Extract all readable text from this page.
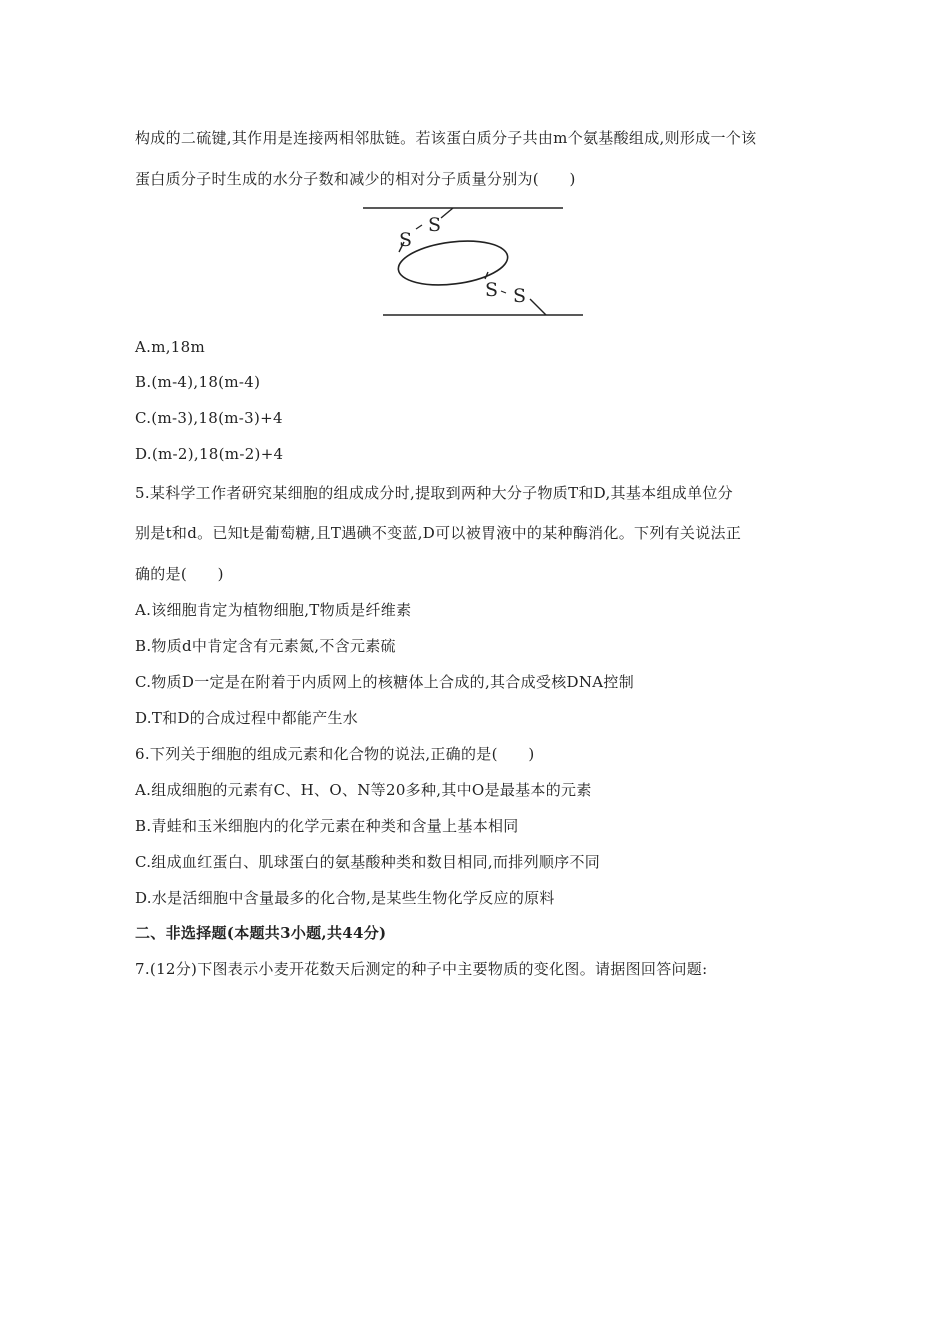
构成的二硫键,其作用是连接两相邻肽链。若该蛋白质分子共由m个氨基酸组成,则形成一个该
蛋白质分子时生成的水分子数和减少的相对分子质量分别为(　　)
S
S
S S
A.m,18m
B.(m-4),18(m-4)
C.(m-3),18(m-3)+4
D.(m-2),18(m-2)+4
5.某科学工作者研究某细胞的组成成分时,提取到两种大分子物质T和D,其基本组成单位分
别是t和d。已知t是葡萄糖,且T遇碘不变蓝,D可以被胃液中的某种酶消化。下列有关说法正
确的是(　　)
A.该细胞肯定为植物细胞,T物质是纤维素
B.物质d中肯定含有元素氮,不含元素硫
C.物质D一定是在附着于内质网上的核糖体上合成的,其合成受核DNA控制
D.T和D的合成过程中都能产生水
6.下列关于细胞的组成元素和化合物的说法,正确的是(　　)
A.组成细胞的元素有C、H、O、N等20多种,其中O是最基本的元素
B.青蛙和玉米细胞内的化学元素在种类和含量上基本相同
C.组成血红蛋白、肌球蛋白的氨基酸种类和数目相同,而排列顺序不同
D.水是活细胞中含量最多的化合物,是某些生物化学反应的原料
二、非选择题(本题共3小题,共44分)
7.(12分)下图表示小麦开花数天后测定的种子中主要物质的变化图。请据图回答问题:
